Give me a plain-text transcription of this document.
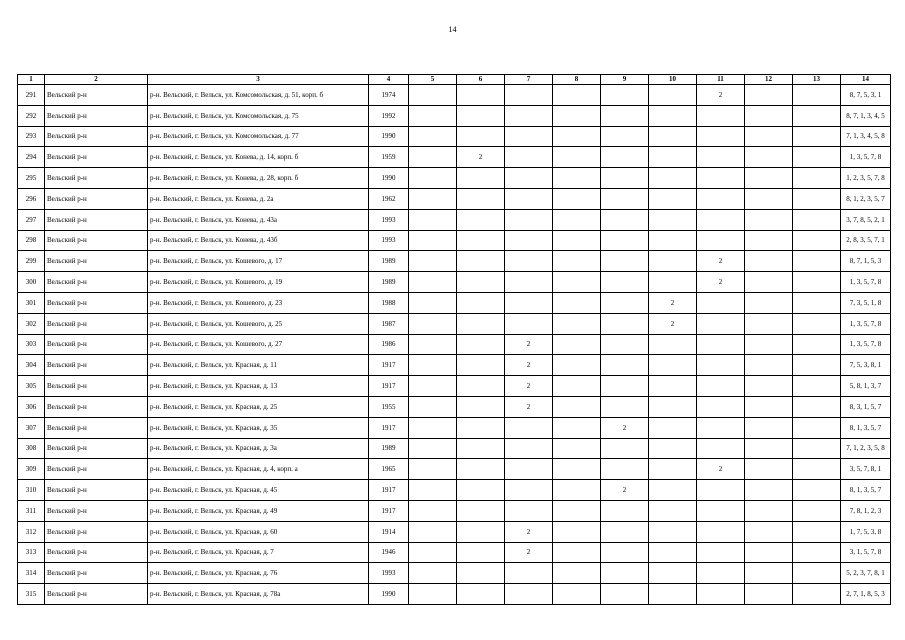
14
1	2	3	4	5	6	7	8	9	10	11	12	13	14
291	Вельский р-н	р-н. Вельский, г. Вельск, ул. Комсомольская, д. 51, корп. б	1974							2			8, 7, 5, 3, 1
292	Вельский р-н	р-н. Вельский, г. Вельск, ул. Комсомольская, д. 75	1992										8, 7, 1, 3, 4, 5
293	Вельский р-н	р-н. Вельский, г. Вельск, ул. Комсомольская, д. 77	1990										7, 1, 3, 4, 5, 8
294	Вельский р-н	р-н. Вельский, г. Вельск, ул. Конева, д. 14, корп. б	1959		2								1, 3, 5, 7, 8
295	Вельский р-н	р-н. Вельский, г. Вельск, ул. Конева, д. 28, корп. б	1990										1, 2, 3, 5, 7, 8
296	Вельский р-н	р-н. Вельский, г. Вельск, ул. Конева, д. 2а	1962										8, 1, 2, 3, 5, 7
297	Вельский р-н	р-н. Вельский, г. Вельск, ул. Конева, д. 43а	1993										3, 7, 8, 5, 2, 1
298	Вельский р-н	р-н. Вельский, г. Вельск, ул. Конева, д. 43б	1993										2, 8, 3, 5, 7, 1
299	Вельский р-н	р-н. Вельский, г. Вельск, ул. Кошевого, д. 17	1989							2			8, 7, 1, 5, 3
300	Вельский р-н	р-н. Вельский, г. Вельск, ул. Кошевого, д. 19	1989							2			1, 3, 5, 7, 8
301	Вельский р-н	р-н. Вельский, г. Вельск, ул. Кошевого, д. 23	1988						2				7, 3, 5, 1, 8
302	Вельский р-н	р-н. Вельский, г. Вельск, ул. Кошевого, д. 25	1987						2				1, 3, 5, 7, 8
303	Вельский р-н	р-н. Вельский, г. Вельск, ул. Кошевого, д. 27	1986			2							1, 3, 5, 7, 8
304	Вельский р-н	р-н. Вельский, г. Вельск, ул. Красная, д. 11	1917			2							7, 5, 3, 8, 1
305	Вельский р-н	р-н. Вельский, г. Вельск, ул. Красная, д. 13	1917			2							5, 8, 1, 3, 7
306	Вельский р-н	р-н. Вельский, г. Вельск, ул. Красная, д. 25	1955			2							8, 3, 1, 5, 7
307	Вельский р-н	р-н. Вельский, г. Вельск, ул. Красная, д. 35	1917					2					8, 1, 3, 5, 7
308	Вельский р-н	р-н. Вельский, г. Вельск, ул. Красная, д. 3а	1989										7, 1, 2, 3, 5, 8
309	Вельский р-н	р-н. Вельский, г. Вельск, ул. Красная, д. 4, корп. а	1965							2			3, 5, 7, 8, 1
310	Вельский р-н	р-н. Вельский, г. Вельск, ул. Красная, д. 45	1917					2					8, 1, 3, 5, 7
311	Вельский р-н	р-н. Вельский, г. Вельск, ул. Красная, д. 49	1917										7, 8, 1, 2, 3
312	Вельский р-н	р-н. Вельский, г. Вельск, ул. Красная, д. 60	1914			2							1, 7, 5, 3, 8
313	Вельский р-н	р-н. Вельский, г. Вельск, ул. Красная, д. 7	1946			2							3, 1, 5, 7, 8
314	Вельский р-н	р-н. Вельский, г. Вельск, ул. Красная, д. 76	1993										5, 2, 3, 7, 8, 1
315	Вельский р-н	р-н. Вельский, г. Вельск, ул. Красная, д. 78а	1990										2, 7, 1, 8, 5, 3
